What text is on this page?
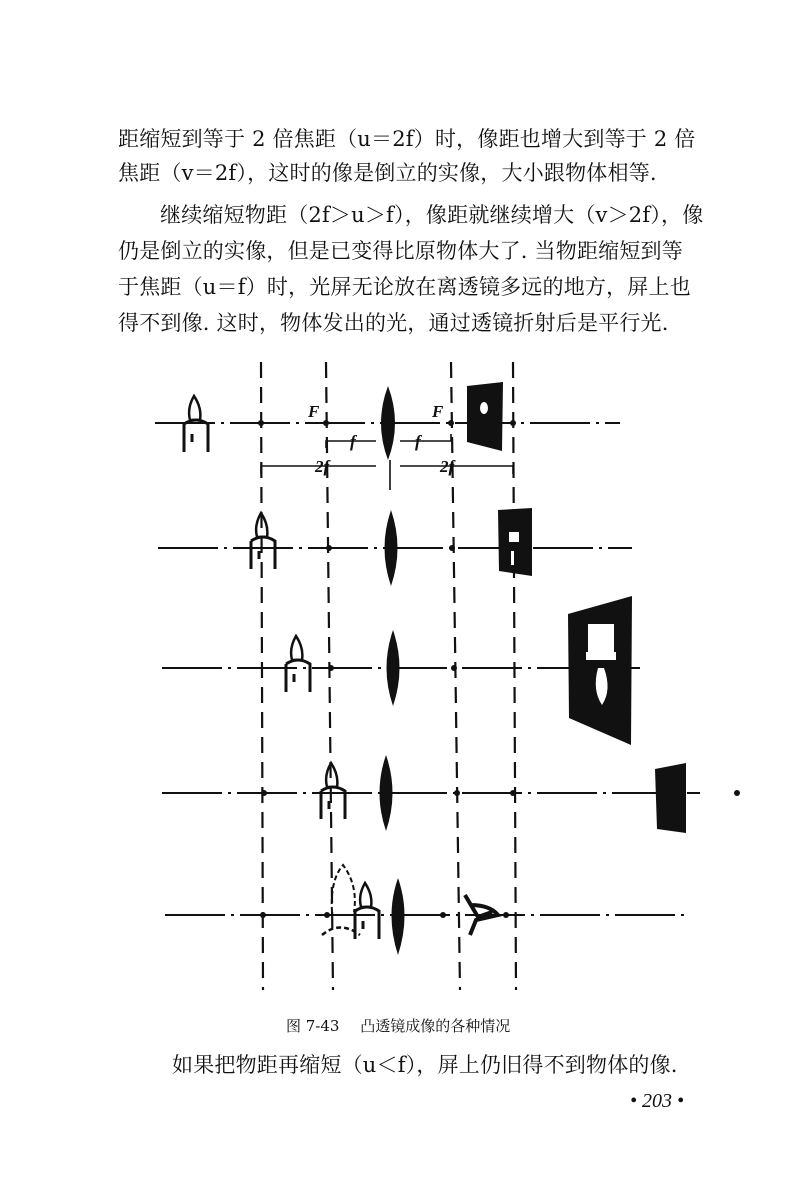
距缩短到等于 2 倍焦距（u＝2f）时，像距也增大到等于 2 倍
焦距（v＝2f），这时的像是倒立的实像，大小跟物体相等.
继续缩短物距（2f＞u＞f），像距就继续增大（v＞2f），像
仍是倒立的实像，但是已变得比原物体大了. 当物距缩短到等
于焦距（u＝f）时，光屏无论放在离透镜多远的地方，屏上也
得不到像. 这时，物体发出的光，通过透镜折射后是平行光.
F	F
f	f
2f	2f
图 7-43 凸透镜成像的各种情况
如果把物距再缩短（u＜f），屏上仍旧得不到物体的像.
• 203 •
